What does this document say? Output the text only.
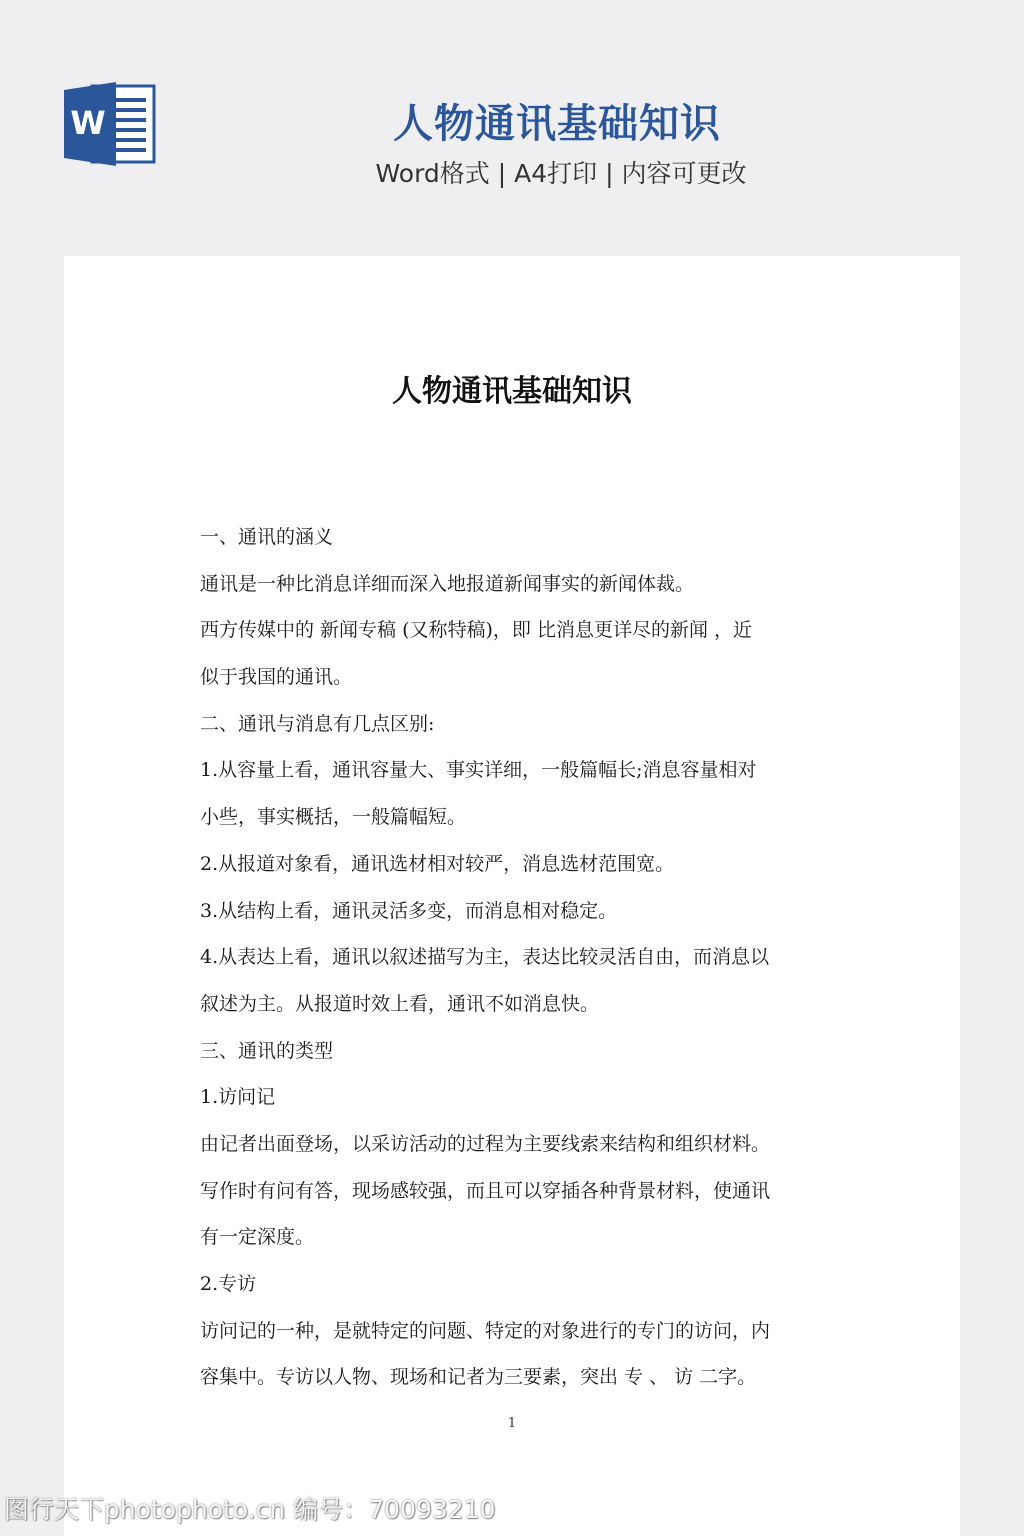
W	人物通讯基础知识
Word格式 | A4打印 | 内容可更改
人物通讯基础知识
一、通讯的涵义
通讯是一种比消息详细而深入地报道新闻事实的新闻体裁。
西方传媒中的 新闻专稿 (又称特稿)，即 比消息更详尽的新闻 ，近
似于我国的通讯。
二、通讯与消息有几点区别:
1.从容量上看，通讯容量大、事实详细，一般篇幅长;消息容量相对
小些，事实概括，一般篇幅短。
2.从报道对象看，通讯选材相对较严，消息选材范围宽。
3.从结构上看，通讯灵活多变，而消息相对稳定。
4.从表达上看，通讯以叙述描写为主，表达比较灵活自由，而消息以
叙述为主。从报道时效上看，通讯不如消息快。
三、通讯的类型
1.访问记
由记者出面登场，以采访活动的过程为主要线索来结构和组织材料。
写作时有问有答，现场感较强，而且可以穿插各种背景材料，使通讯
有一定深度。
2.专访
访问记的一种，是就特定的问题、特定的对象进行的专门的访问，内
容集中。专访以人物、现场和记者为三要素，突出 专 、 访 二字。
1
图行天下photophoto.cn 编号：70093210
